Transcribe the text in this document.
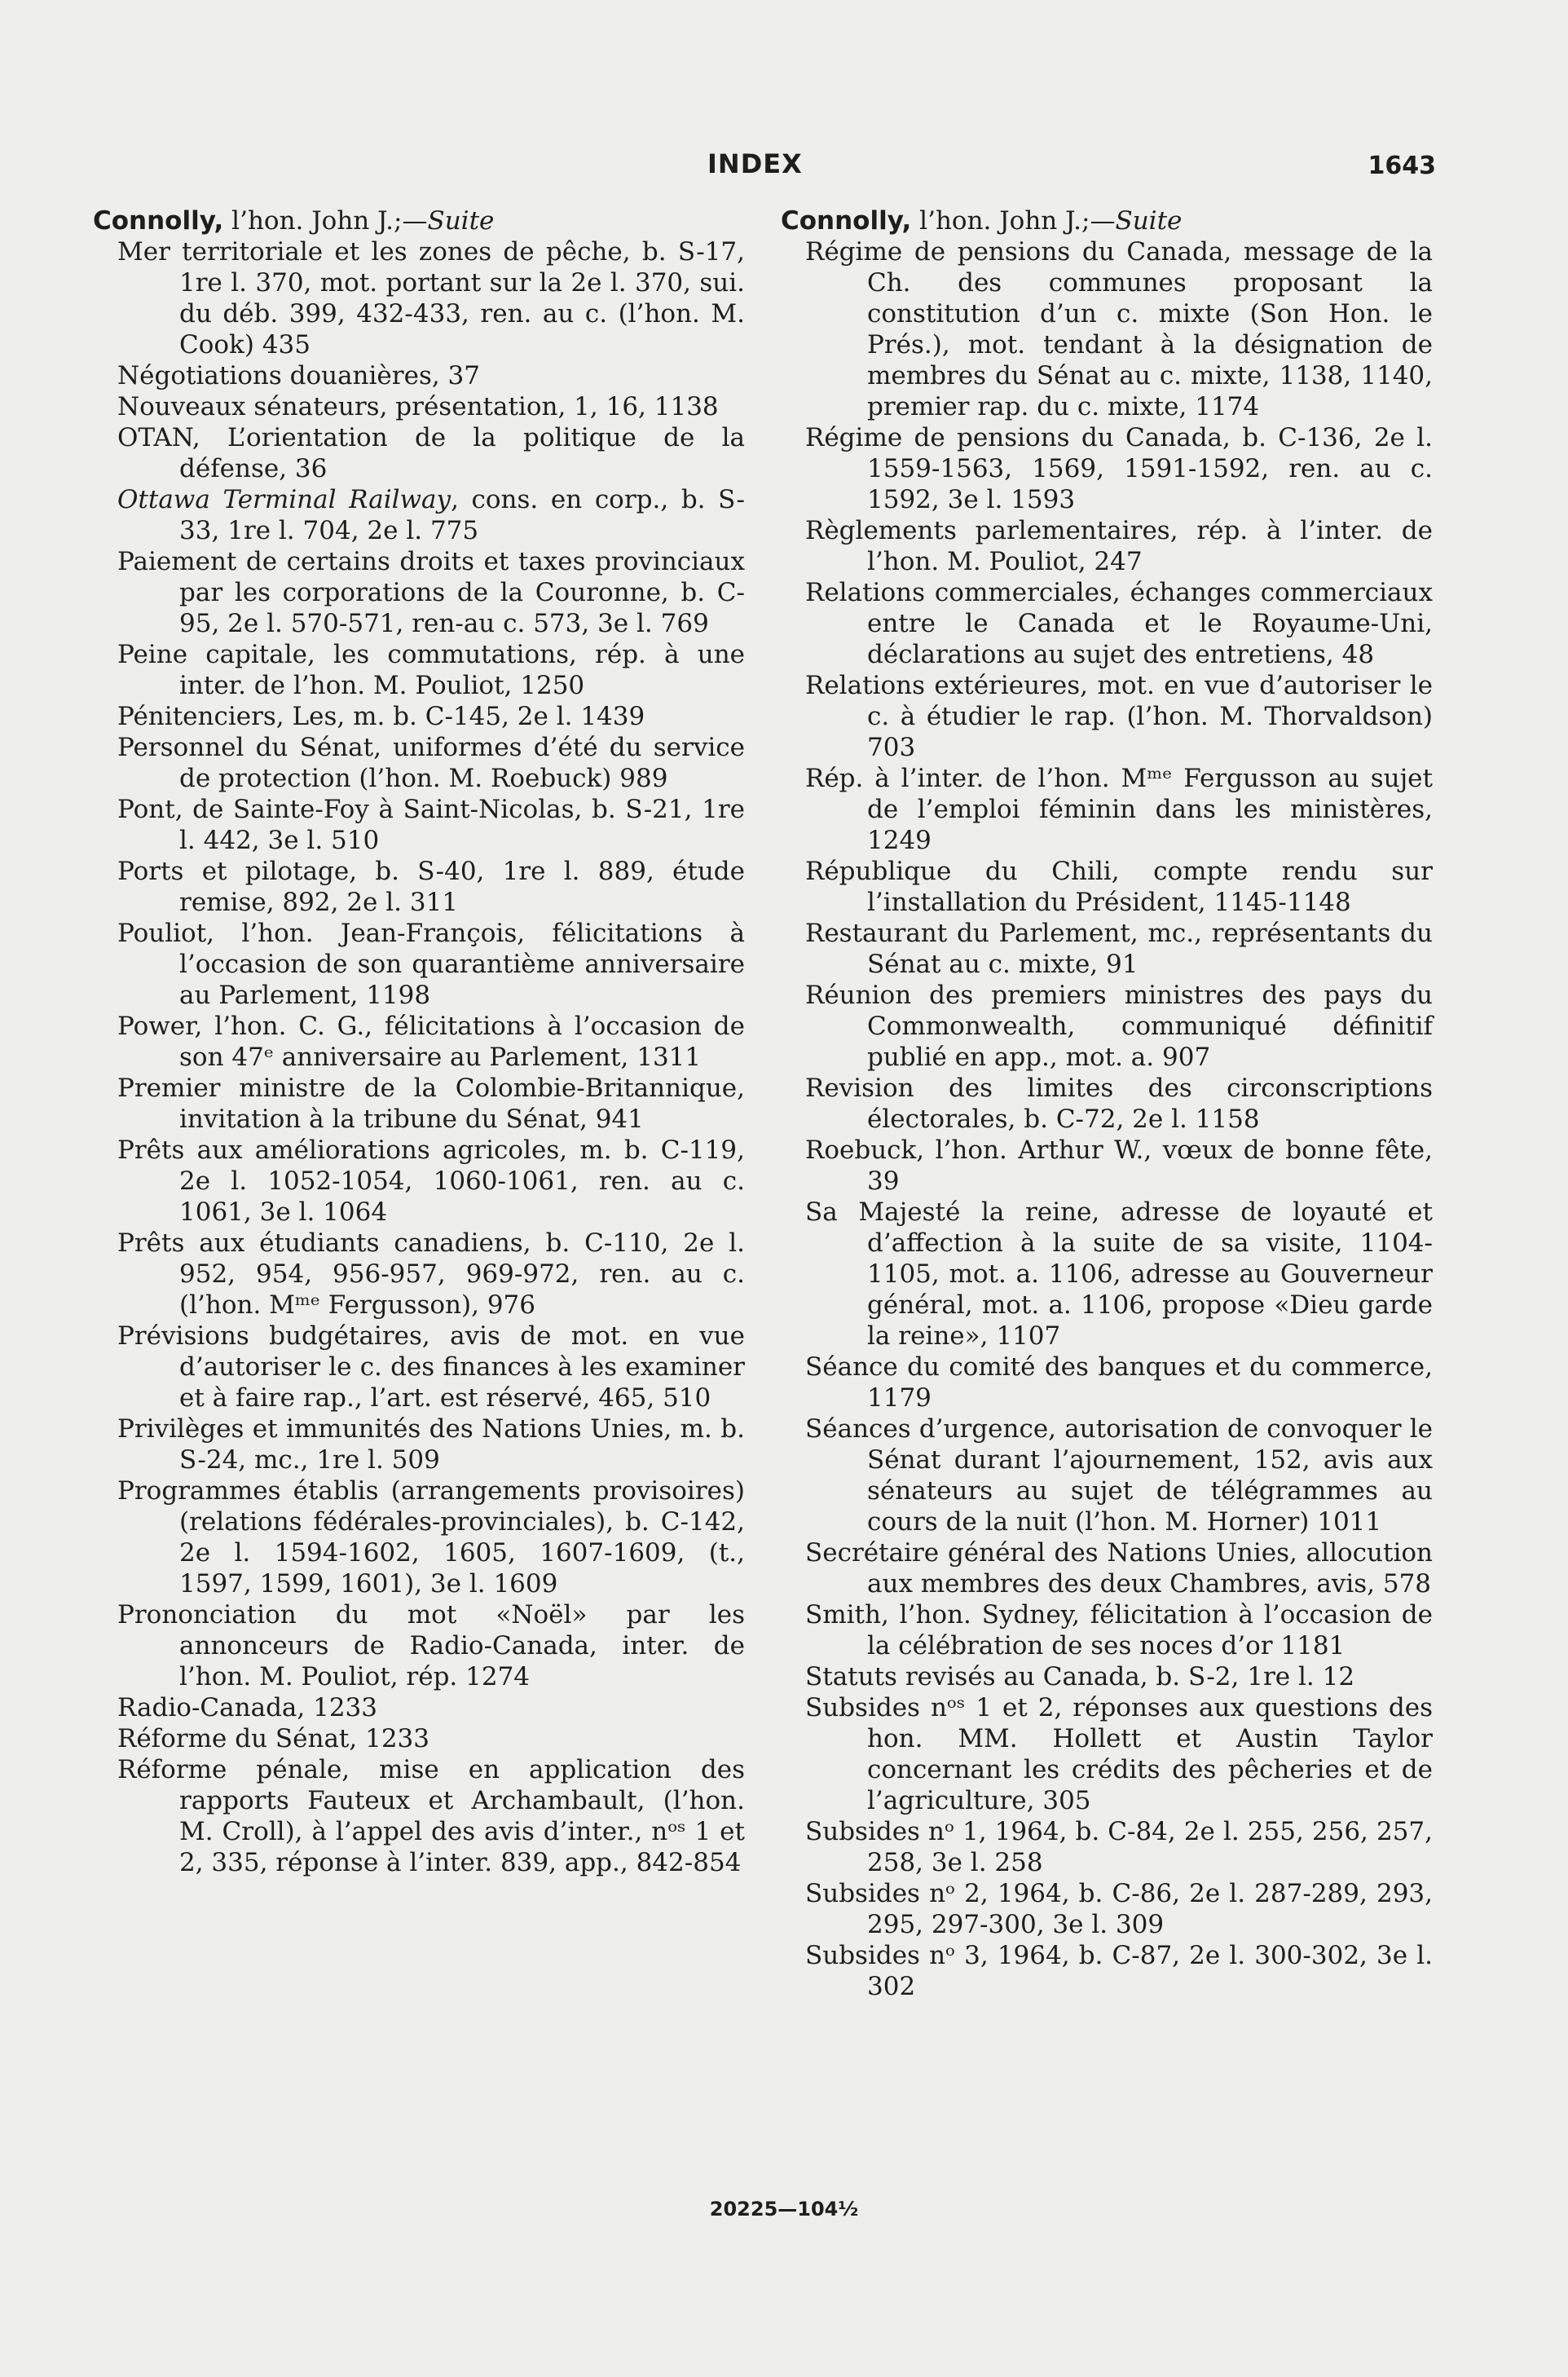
INDEX	1643
Connolly, l’hon. John J.;—Suite
Mer territoriale et les zones de pêche, b. S-17, 1re l. 370, mot. portant sur la 2e l. 370, sui. du déb. 399, 432-433, ren. au c. (l’hon. M. Cook) 435
Négotiations douanières, 37
Nouveaux sénateurs, présentation, 1, 16, 1138
OTAN, L’orientation de la politique de la défense, 36
Ottawa Terminal Railway, cons. en corp., b. S-33, 1re l. 704, 2e l. 775
Paiement de certains droits et taxes provinciaux par les corporations de la Couronne, b. C-95, 2e l. 570-571, ren-au c. 573, 3e l. 769
Peine capitale, les commutations, rép. à une inter. de l’hon. M. Pouliot, 1250
Pénitenciers, Les, m. b. C-145, 2e l. 1439
Personnel du Sénat, uniformes d’été du service de protection (l’hon. M. Roebuck) 989
Pont, de Sainte-Foy à Saint-Nicolas, b. S-21, 1re l. 442, 3e l. 510
Ports et pilotage, b. S-40, 1re l. 889, étude remise, 892, 2e l. 311
Pouliot, l’hon. Jean-François, félicitations à l’occasion de son quarantième anniversaire au Parlement, 1198
Power, l’hon. C. G., félicitations à l’occasion de son 47ᵉ anniversaire au Parlement, 1311
Premier ministre de la Colombie-Britannique, invitation à la tribune du Sénat, 941
Prêts aux améliorations agricoles, m. b. C-119, 2e l. 1052-1054, 1060-1061, ren. au c. 1061, 3e l. 1064
Prêts aux étudiants canadiens, b. C-110, 2e l. 952, 954, 956-957, 969-972, ren. au c. (l’hon. Mᵐᵉ Fergusson), 976
Prévisions budgétaires, avis de mot. en vue d’autoriser le c. des finances à les examiner et à faire rap., l’art. est réservé, 465, 510
Privilèges et immunités des Nations Unies, m. b. S-24, mc., 1re l. 509
Programmes établis (arrangements provisoires) (relations fédérales-provinciales), b. C-142, 2e l. 1594-1602, 1605, 1607-1609, (t., 1597, 1599, 1601), 3e l. 1609
Prononciation du mot «Noël» par les annonceurs de Radio-Canada, inter. de l’hon. M. Pouliot, rép. 1274
Radio-Canada, 1233
Réforme du Sénat, 1233
Réforme pénale, mise en application des rapports Fauteux et Archambault, (l’hon. M. Croll), à l’appel des avis d’inter., nᵒˢ 1 et 2, 335, réponse à l’inter. 839, app., 842-854
Connolly, l’hon. John J.;—Suite
Régime de pensions du Canada, message de la Ch. des communes proposant la constitution d’un c. mixte (Son Hon. le Prés.), mot. tendant à la désignation de membres du Sénat au c. mixte, 1138, 1140, premier rap. du c. mixte, 1174
Régime de pensions du Canada, b. C-136, 2e l. 1559-1563, 1569, 1591-1592, ren. au c. 1592, 3e l. 1593
Règlements parlementaires, rép. à l’inter. de l’hon. M. Pouliot, 247
Relations commerciales, échanges commerciaux entre le Canada et le Royaume-Uni, déclarations au sujet des entretiens, 48
Relations extérieures, mot. en vue d’autoriser le c. à étudier le rap. (l’hon. M. Thorvaldson) 703
Rép. à l’inter. de l’hon. Mᵐᵉ Fergusson au sujet de l’emploi féminin dans les ministères, 1249
République du Chili, compte rendu sur l’installation du Président, 1145-1148
Restaurant du Parlement, mc., représentants du Sénat au c. mixte, 91
Réunion des premiers ministres des pays du Commonwealth, communiqué définitif publié en app., mot. a. 907
Revision des limites des circonscriptions électorales, b. C-72, 2e l. 1158
Roebuck, l’hon. Arthur W., vœux de bonne fête, 39
Sa Majesté la reine, adresse de loyauté et d’affection à la suite de sa visite, 1104-1105, mot. a. 1106, adresse au Gouverneur général, mot. a. 1106, propose «Dieu garde la reine», 1107
Séance du comité des banques et du commerce, 1179
Séances d’urgence, autorisation de convoquer le Sénat durant l’ajournement, 152, avis aux sénateurs au sujet de télégrammes au cours de la nuit (l’hon. M. Horner) 1011
Secrétaire général des Nations Unies, allocution aux membres des deux Chambres, avis, 578
Smith, l’hon. Sydney, félicitation à l’occasion de la célébration de ses noces d’or 1181
Statuts revisés au Canada, b. S-2, 1re l. 12
Subsides nᵒˢ 1 et 2, réponses aux questions des hon. MM. Hollett et Austin Taylor concernant les crédits des pêcheries et de l’agriculture, 305
Subsides nᵒ 1, 1964, b. C-84, 2e l. 255, 256, 257, 258, 3e l. 258
Subsides nᵒ 2, 1964, b. C-86, 2e l. 287-289, 293, 295, 297-300, 3e l. 309
Subsides nᵒ 3, 1964, b. C-87, 2e l. 300-302, 3e l. 302
20225—104½
